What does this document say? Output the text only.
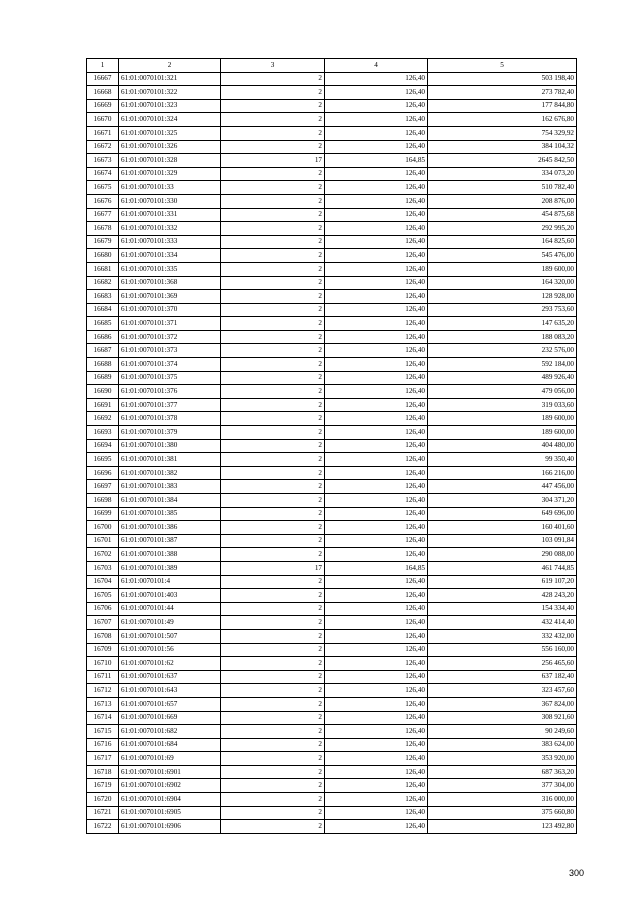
1	2	3	4	5
16667	61:01:0070101:321	2	126,40	503 198,40
16668	61:01:0070101:322	2	126,40	273 782,40
16669	61:01:0070101:323	2	126,40	177 844,80
16670	61:01:0070101:324	2	126,40	162 676,80
16671	61:01:0070101:325	2	126,40	754 329,92
16672	61:01:0070101:326	2	126,40	384 104,32
16673	61:01:0070101:328	17	164,85	2645 842,50
16674	61:01:0070101:329	2	126,40	334 073,20
16675	61:01:0070101:33	2	126,40	510 782,40
16676	61:01:0070101:330	2	126,40	208 876,00
16677	61:01:0070101:331	2	126,40	454 875,68
16678	61:01:0070101:332	2	126,40	292 995,20
16679	61:01:0070101:333	2	126,40	164 825,60
16680	61:01:0070101:334	2	126,40	545 476,00
16681	61:01:0070101:335	2	126,40	189 600,00
16682	61:01:0070101:368	2	126,40	164 320,00
16683	61:01:0070101:369	2	126,40	128 928,00
16684	61:01:0070101:370	2	126,40	293 753,60
16685	61:01:0070101:371	2	126,40	147 635,20
16686	61:01:0070101:372	2	126,40	188 083,20
16687	61:01:0070101:373	2	126,40	232 576,00
16688	61:01:0070101:374	2	126,40	592 184,00
16689	61:01:0070101:375	2	126,40	489 926,40
16690	61:01:0070101:376	2	126,40	479 056,00
16691	61:01:0070101:377	2	126,40	319 033,60
16692	61:01:0070101:378	2	126,40	189 600,00
16693	61:01:0070101:379	2	126,40	189 600,00
16694	61:01:0070101:380	2	126,40	404 480,00
16695	61:01:0070101:381	2	126,40	99 350,40
16696	61:01:0070101:382	2	126,40	166 216,00
16697	61:01:0070101:383	2	126,40	447 456,00
16698	61:01:0070101:384	2	126,40	304 371,20
16699	61:01:0070101:385	2	126,40	649 696,00
16700	61:01:0070101:386	2	126,40	160 401,60
16701	61:01:0070101:387	2	126,40	103 091,84
16702	61:01:0070101:388	2	126,40	290 088,00
16703	61:01:0070101:389	17	164,85	461 744,85
16704	61:01:0070101:4	2	126,40	619 107,20
16705	61:01:0070101:403	2	126,40	428 243,20
16706	61:01:0070101:44	2	126,40	154 334,40
16707	61:01:0070101:49	2	126,40	432 414,40
16708	61:01:0070101:507	2	126,40	332 432,00
16709	61:01:0070101:56	2	126,40	556 160,00
16710	61:01:0070101:62	2	126,40	256 465,60
16711	61:01:0070101:637	2	126,40	637 182,40
16712	61:01:0070101:643	2	126,40	323 457,60
16713	61:01:0070101:657	2	126,40	367 824,00
16714	61:01:0070101:669	2	126,40	308 921,60
16715	61:01:0070101:682	2	126,40	90 249,60
16716	61:01:0070101:684	2	126,40	383 624,00
16717	61:01:0070101:69	2	126,40	353 920,00
16718	61:01:0070101:6901	2	126,40	687 363,20
16719	61:01:0070101:6902	2	126,40	377 304,00
16720	61:01:0070101:6904	2	126,40	316 000,00
16721	61:01:0070101:6905	2	126,40	375 660,80
16722	61:01:0070101:6906	2	126,40	123 492,80
300
